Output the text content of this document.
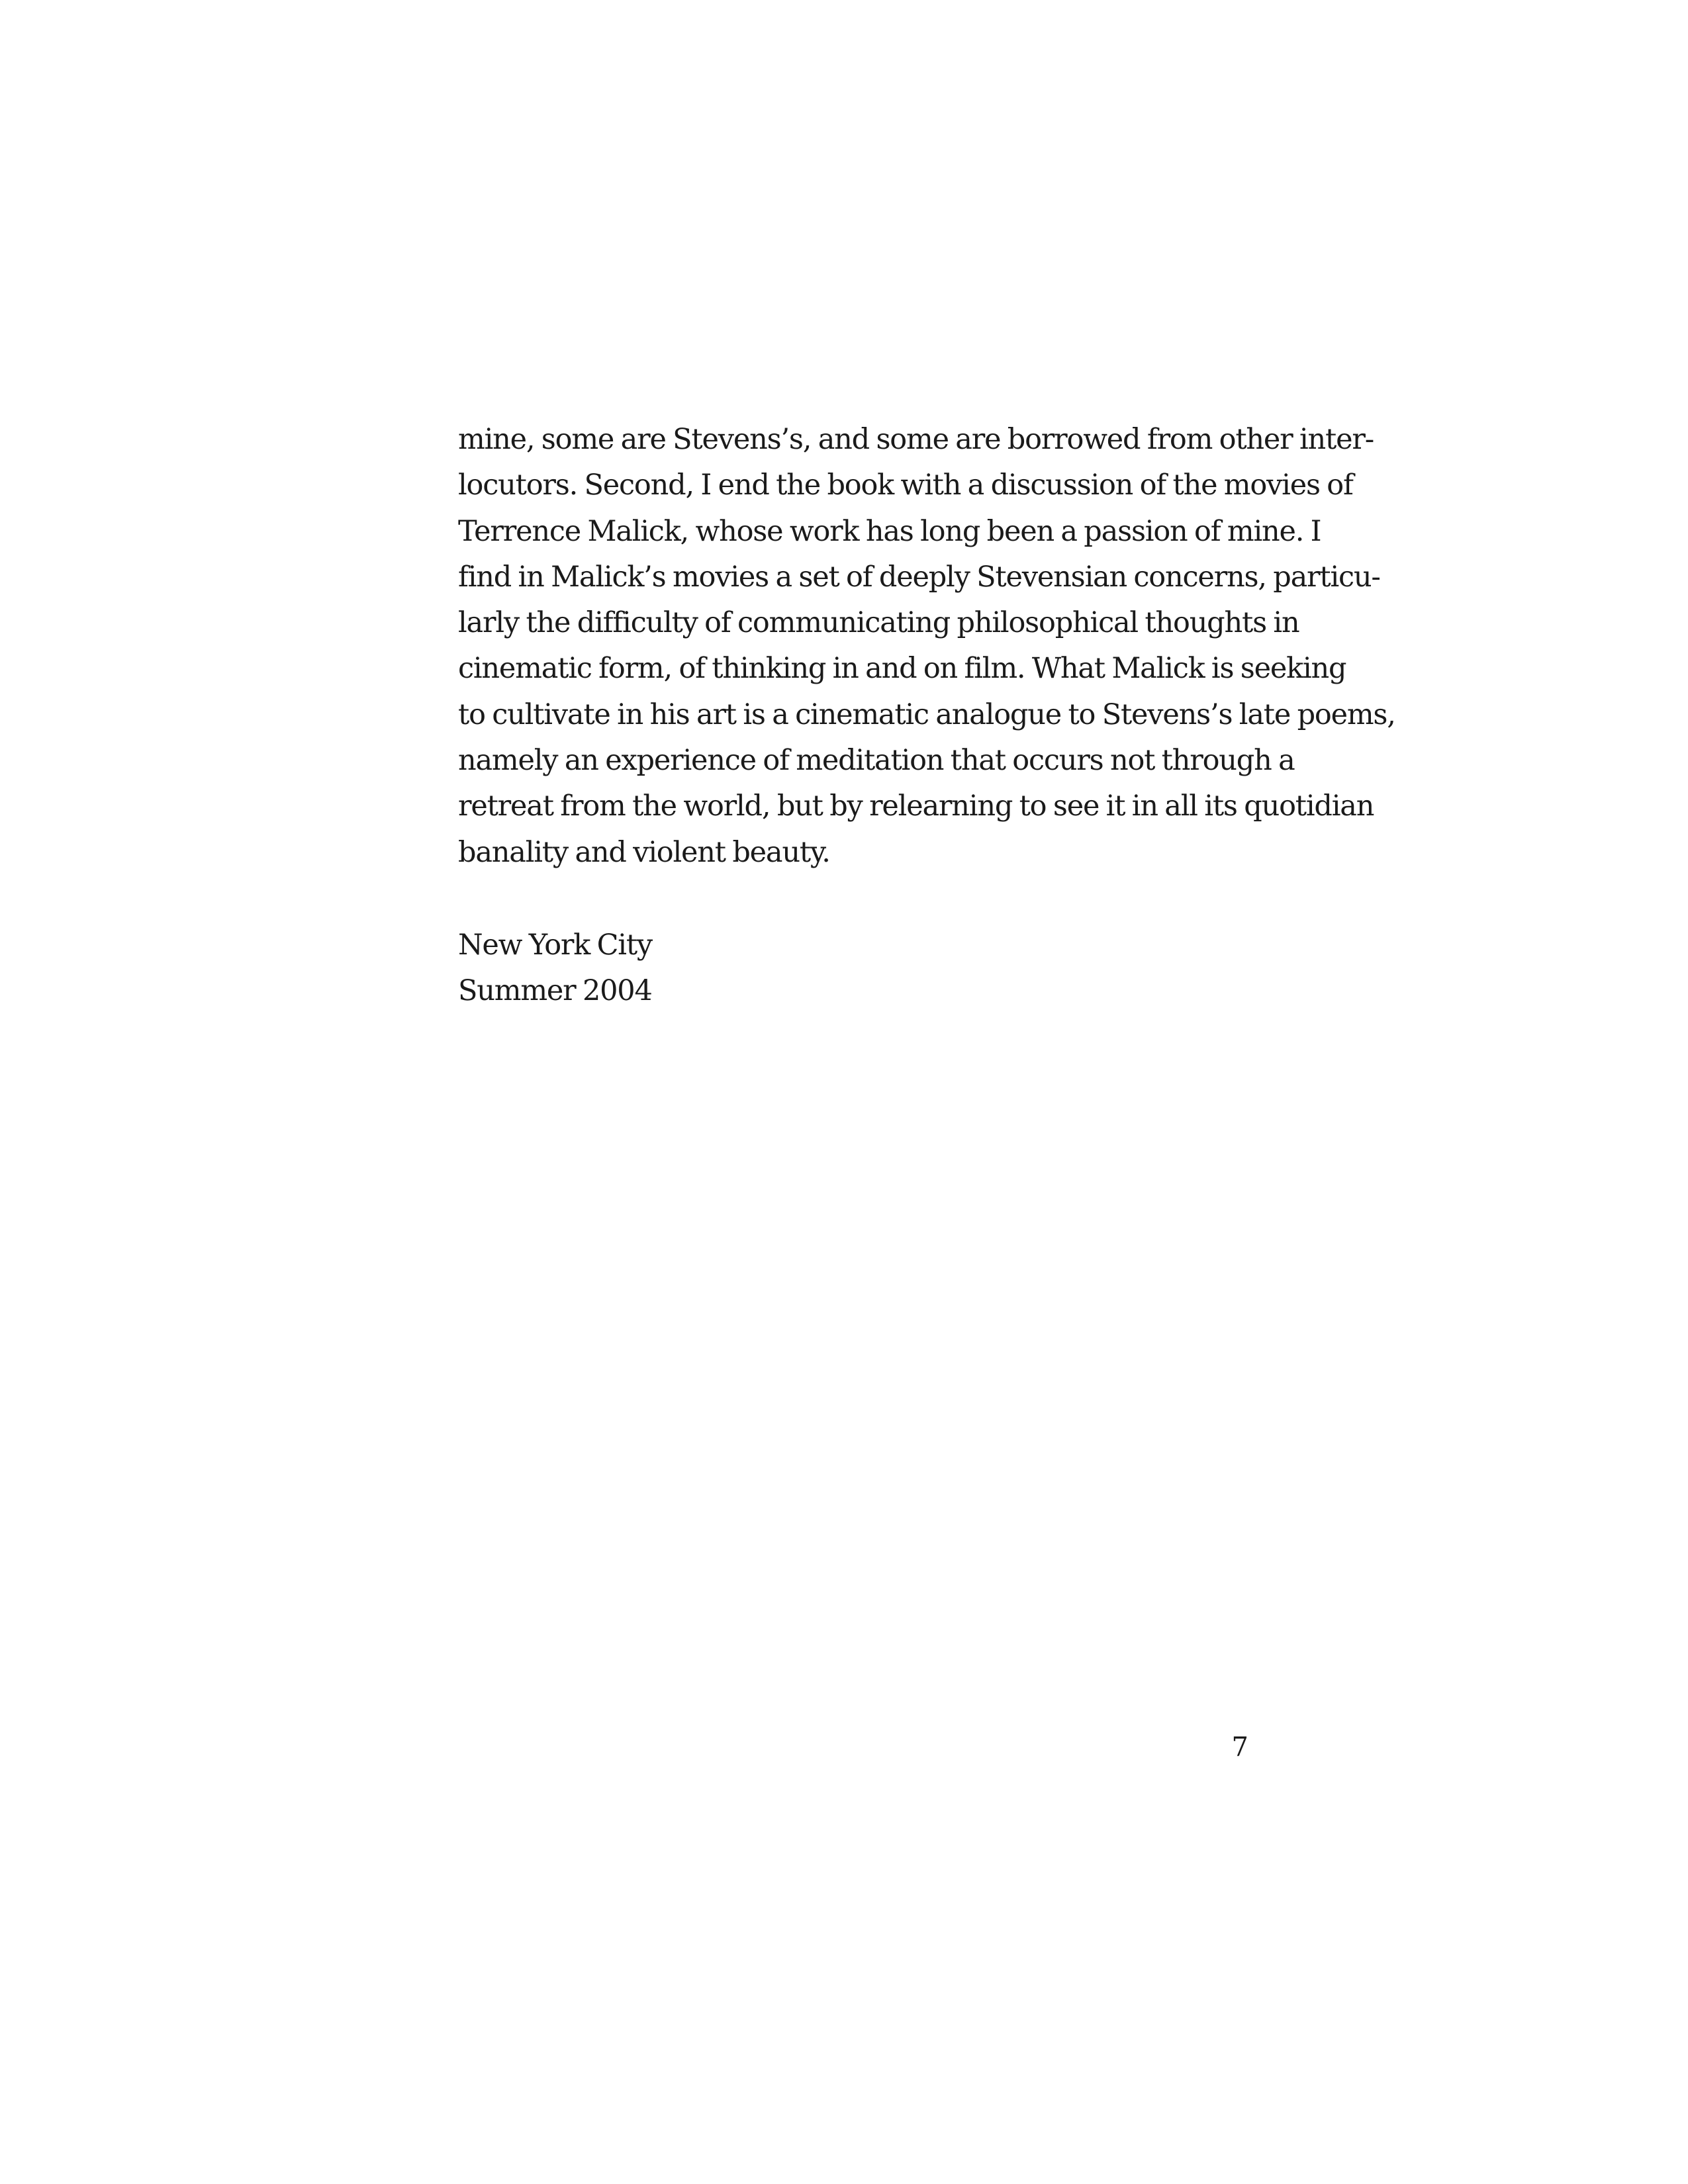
mine, some are Stevens’s, and some are borrowed from other inter-
locutors. Second, I end the book with a discussion of the movies of
Terrence Malick, whose work has long been a passion of mine. I
find in Malick’s movies a set of deeply Stevensian concerns, particu-
larly the difficulty of communicating philosophical thoughts in
cinematic form, of thinking in and on film. What Malick is seeking
to cultivate in his art is a cinematic analogue to Stevens’s late poems,
namely an experience of meditation that occurs not through a
retreat from the world, but by relearning to see it in all its quotidian
banality and violent beauty.
New York City
Summer 2004
7
